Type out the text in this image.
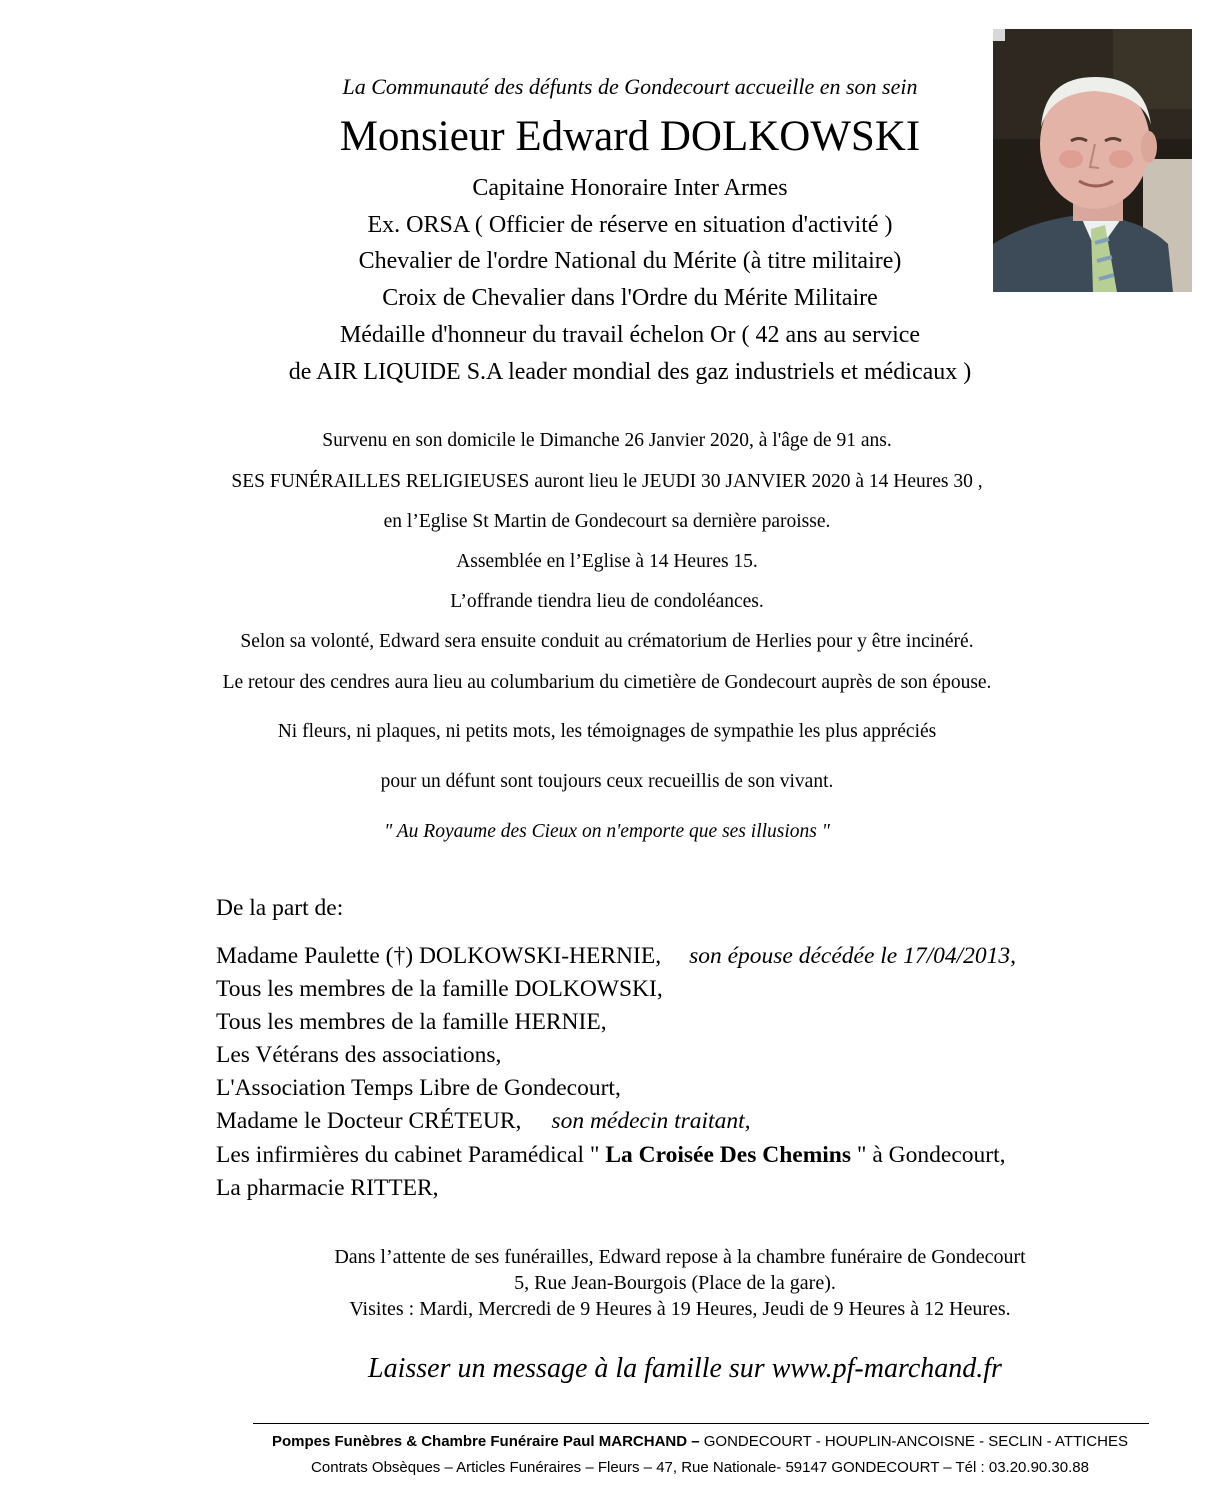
La Communauté des défunts de Gondecourt accueille en son sein
Monsieur Edward DOLKOWSKI
Capitaine Honoraire Inter Armes
Ex. ORSA ( Officier de réserve en situation d'activité )
Chevalier de l'ordre National du Mérite (à titre militaire)
Croix de Chevalier dans l'Ordre du Mérite Militaire
Médaille d'honneur du travail échelon Or ( 42 ans au service
de AIR LIQUIDE S.A leader mondial des gaz industriels et médicaux )
Survenu en son domicile le Dimanche 26 Janvier 2020, à l'âge de 91 ans.
SES FUNÉRAILLES RELIGIEUSES auront lieu le JEUDI 30 JANVIER 2020 à 14 Heures 30 ,
en l’Eglise St Martin de Gondecourt sa dernière paroisse.
Assemblée en l’Eglise à 14 Heures 15.
L’offrande tiendra lieu de condoléances.
Selon sa volonté, Edward sera ensuite conduit au crématorium de Herlies pour y être incinéré.
Le retour des cendres aura lieu au columbarium du cimetière de Gondecourt auprès de son épouse.
Ni fleurs, ni plaques, ni petits mots, les témoignages de sympathie les plus appréciés
pour un défunt sont toujours ceux recueillis de son vivant.
" Au Royaume des Cieux on n'emporte que ses illusions "
De la part de:
Madame Paulette (†) DOLKOWSKI-HERNIE, son épouse décédée le 17/04/2013,
Tous les membres de la famille DOLKOWSKI,
Tous les membres de la famille HERNIE,
Les Vétérans des associations,
L'Association Temps Libre de Gondecourt,
Madame le Docteur CRÉTEUR, son médecin traitant,
Les infirmières du cabinet Paramédical " La Croisée Des Chemins " à Gondecourt,
La pharmacie RITTER,
Dans l’attente de ses funérailles, Edward repose à la chambre funéraire de Gondecourt
5, Rue Jean-Bourgois (Place de la gare).
Visites : Mardi, Mercredi de 9 Heures à 19 Heures, Jeudi de 9 Heures à 12 Heures.
Laisser un message à la famille sur www.pf-marchand.fr
Pompes Funèbres & Chambre Funéraire Paul MARCHAND – GONDECOURT - HOUPLIN-ANCOISNE - SECLIN - ATTICHES
Contrats Obsèques – Articles Funéraires – Fleurs – 47, Rue Nationale- 59147 GONDECOURT – Tél : 03.20.90.30.88
